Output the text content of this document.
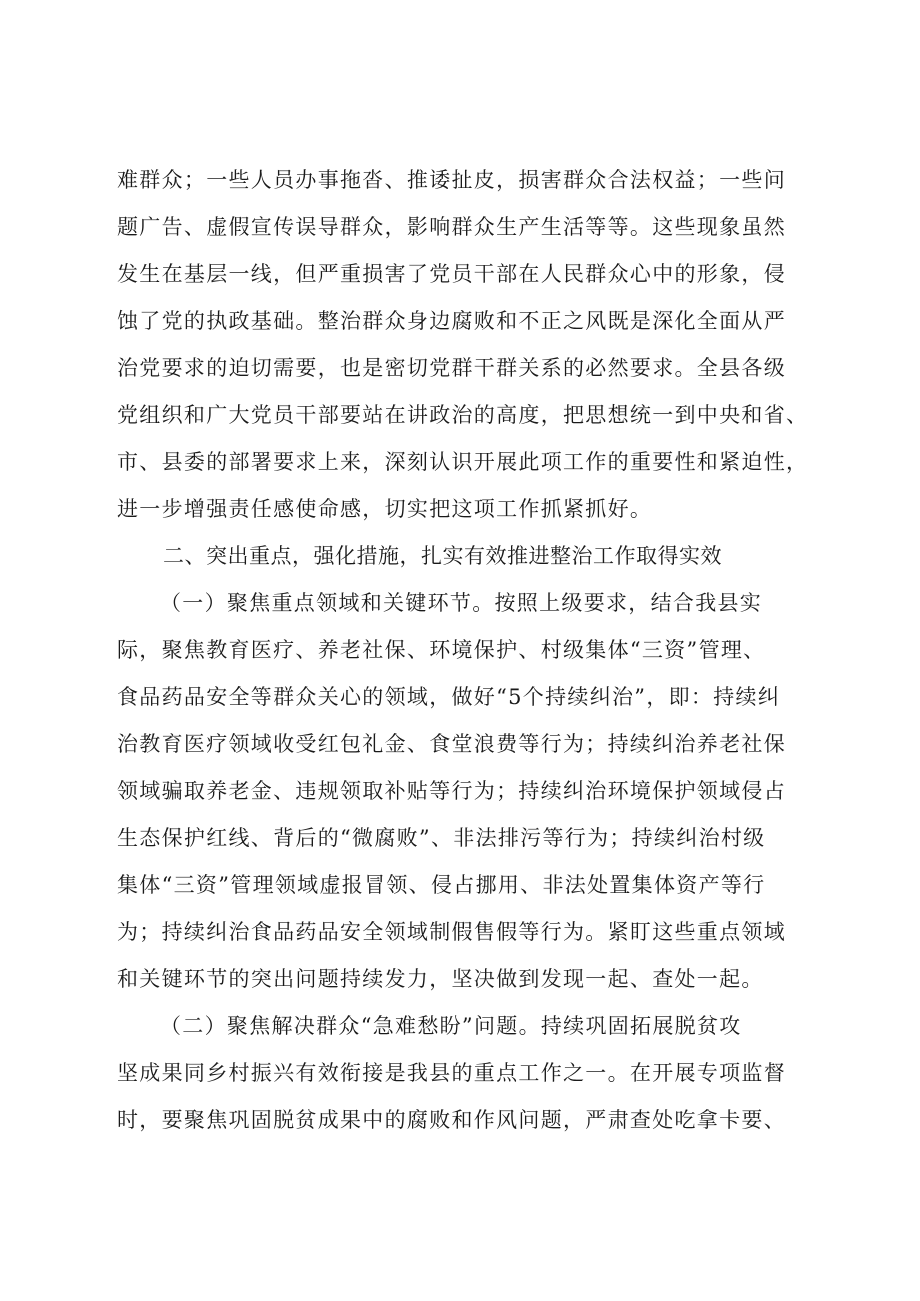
难群众；一些人员办事拖沓、推诿扯皮，损害群众合法权益；一些问
题广告、虚假宣传误导群众，影响群众生产生活等等。这些现象虽然
发生在基层一线，但严重损害了党员干部在人民群众心中的形象，侵
蚀了党的执政基础。整治群众身边腐败和不正之风既是深化全面从严
治党要求的迫切需要，也是密切党群干群关系的必然要求。全县各级
党组织和广大党员干部要站在讲政治的高度，把思想统一到中央和省、
市、县委的部署要求上来，深刻认识开展此项工作的重要性和紧迫性，
进一步增强责任感使命感，切实把这项工作抓紧抓好。
二、突出重点，强化措施，扎实有效推进整治工作取得实效
（一）聚焦重点领域和关键环节。按照上级要求，结合我县实
际，聚焦教育医疗、养老社保、环境保护、村级集体“三资”管理、
食品药品安全等群众关心的领域，做好“5个持续纠治”，即：持续纠
治教育医疗领域收受红包礼金、食堂浪费等行为；持续纠治养老社保
领域骗取养老金、违规领取补贴等行为；持续纠治环境保护领域侵占
生态保护红线、背后的“微腐败”、非法排污等行为；持续纠治村级
集体“三资”管理领域虚报冒领、侵占挪用、非法处置集体资产等行
为；持续纠治食品药品安全领域制假售假等行为。紧盯这些重点领域
和关键环节的突出问题持续发力，坚决做到发现一起、查处一起。
（二）聚焦解决群众“急难愁盼”问题。持续巩固拓展脱贫攻
坚成果同乡村振兴有效衔接是我县的重点工作之一。在开展专项监督
时，要聚焦巩固脱贫成果中的腐败和作风问题，严肃查处吃拿卡要、
